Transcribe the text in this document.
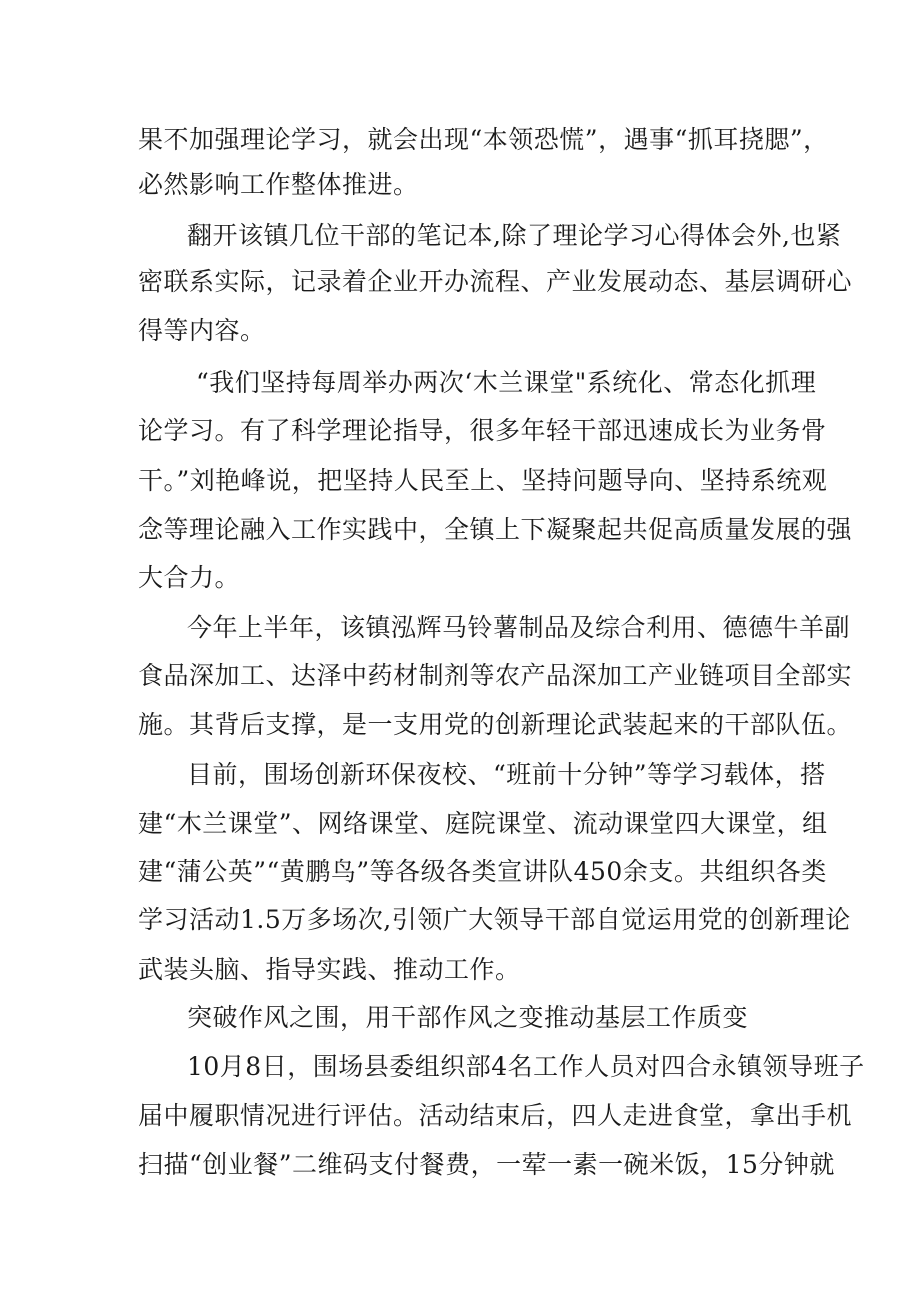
果不加强理论学习，就会出现“本领恐慌”，遇事“抓耳挠腮”，
必然影响工作整体推进。
翻开该镇几位干部的笔记本,除了理论学习心得体会外,也紧
密联系实际，记录着企业开办流程、产业发展动态、基层调研心
得等内容。
“我们坚持每周举办两次‘木兰课堂"系统化、常态化抓理
论学习。有了科学理论指导，很多年轻干部迅速成长为业务骨
干。”刘艳峰说，把坚持人民至上、坚持问题导向、坚持系统观
念等理论融入工作实践中，全镇上下凝聚起共促高质量发展的强
大合力。
今年上半年，该镇泓辉马铃薯制品及综合利用、德德牛羊副
食品深加工、达泽中药材制剂等农产品深加工产业链项目全部实
施。其背后支撑，是一支用党的创新理论武装起来的干部队伍。
目前，围场创新环保夜校、“班前十分钟”等学习载体，搭
建“木兰课堂”、网络课堂、庭院课堂、流动课堂四大课堂，组
建“蒲公英”“黄鹏鸟”等各级各类宣讲队450余支。共组织各类
学习活动1.5万多场次,引领广大领导干部自觉运用党的创新理论
武装头脑、指导实践、推动工作。
突破作风之围，用干部作风之变推动基层工作质变
10月8日，围场县委组织部4名工作人员对四合永镇领导班子
届中履职情况进行评估。活动结束后，四人走进食堂，拿出手机
扫描“创业餐”二维码支付餐费，一荤一素一碗米饭，15分钟就
